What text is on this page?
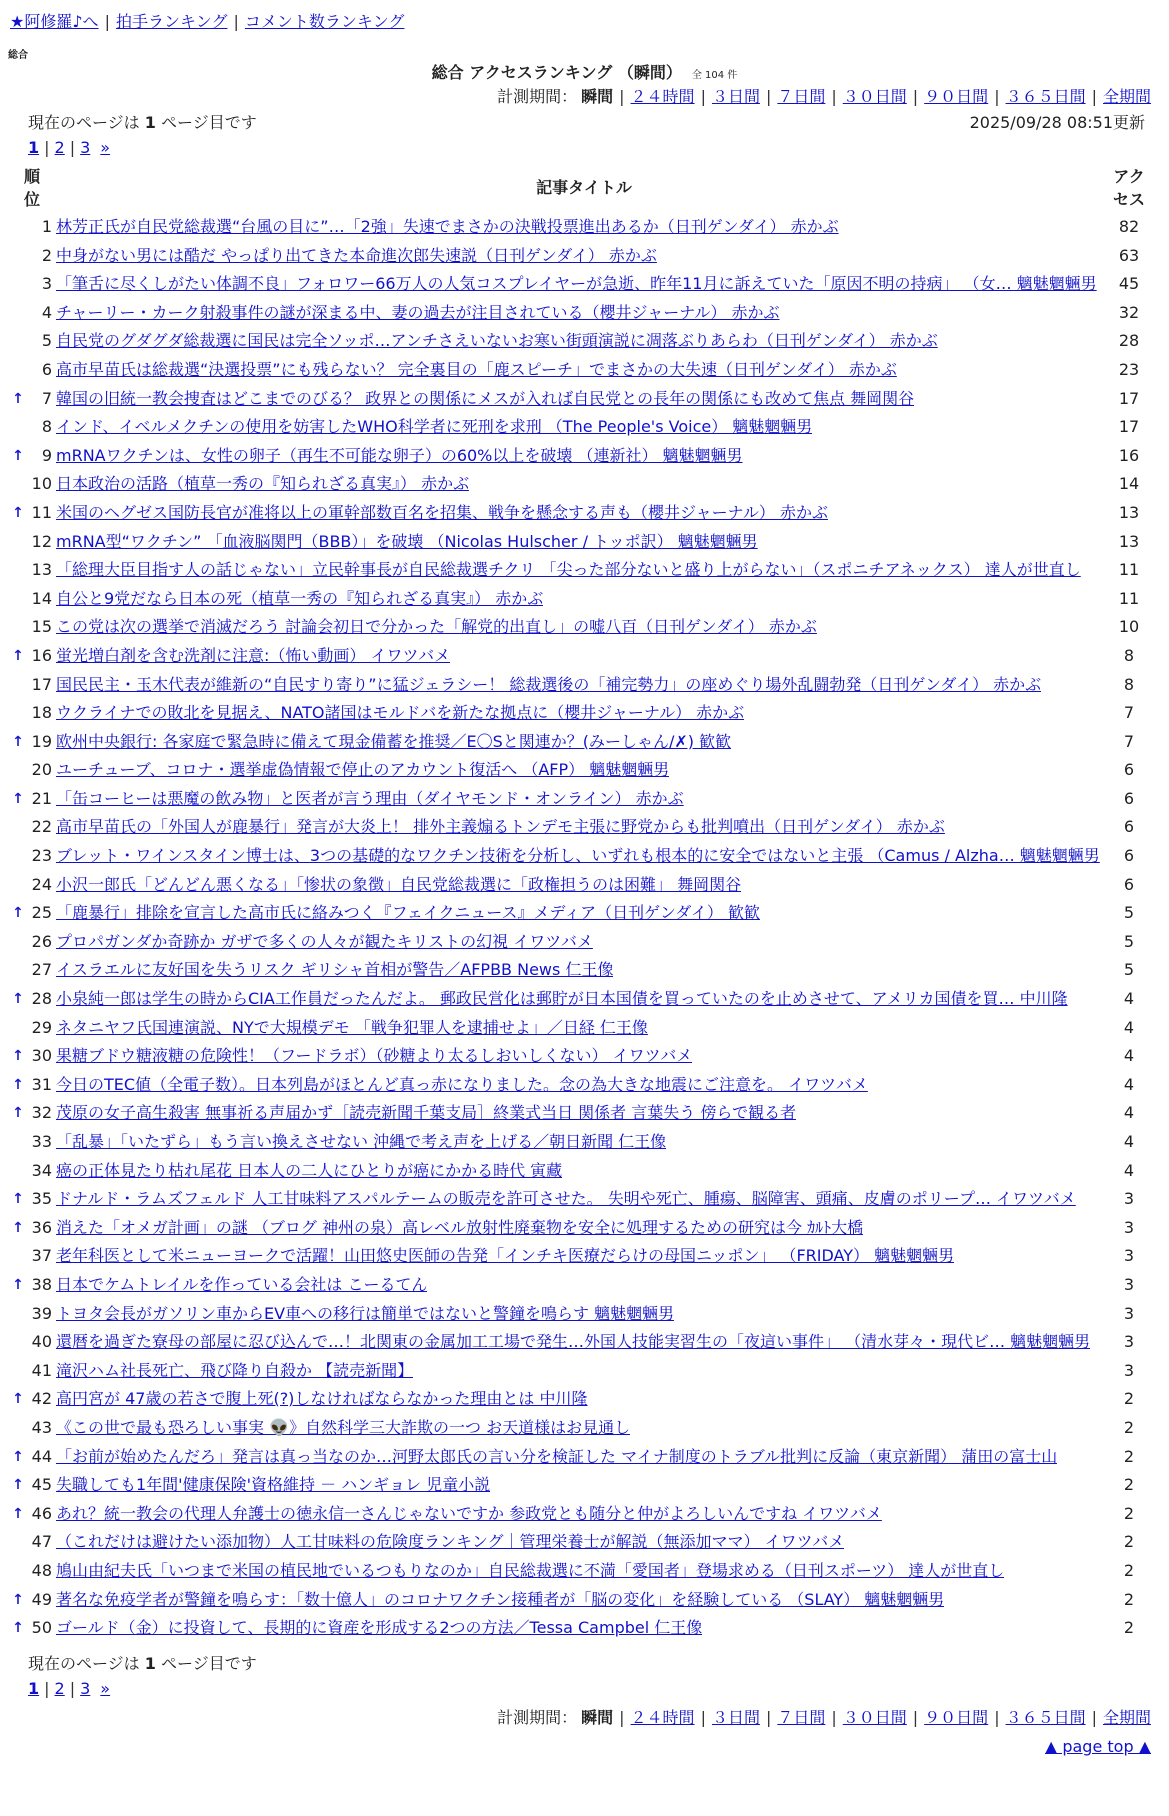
★阿修羅♪へ | 拍手ランキング | コメント数ランキング
総合
総合 アクセスランキング （瞬間） 全 104 件
計測期間： 瞬間 | ２４時間 | ３日間 | ７日間 | ３０日間 | ９０日間 | ３６５日間 | 全期間
現在のページは 1 ページ目です	2025/09/28 08:51更新
1 | 2 | 3 »
順
位
記事タイトル
アク
セス
1 林芳正氏が自民党総裁選“台風の目に”…「2強」失速でまさかの決戦投票進出あるか（日刊ゲンダイ） 赤かぶ	82
2 中身がない男には酷だ やっぱり出てきた本命進次郎失速説（日刊ゲンダイ） 赤かぶ	63
3 「筆舌に尽くしがたい体調不良」フォロワー66万人の人気コスプレイヤーが急逝、昨年11月に訴えていた「原因不明の持病」 （女… 魑魅魍魎男	45
4 チャーリー・カーク射殺事件の謎が深まる中、妻の過去が注目されている（櫻井ジャーナル） 赤かぶ	32
5 自民党のグダグダ総裁選に国民は完全ソッポ…アンチさえいないお寒い街頭演説に凋落ぶりあらわ（日刊ゲンダイ） 赤かぶ	28
6 高市早苗氏は総裁選“決選投票”にも残らない？ 完全裏目の「鹿スピーチ」でまさかの大失速（日刊ゲンダイ） 赤かぶ	23
↑	7 韓国の旧統一教会捜査はどこまでのびる？ 政界との関係にメスが入れば自民党との長年の関係にも改めて焦点 舞岡関谷	17
8 インド、イベルメクチンの使用を妨害したWHO科学者に死刑を求刑 （The People's Voice） 魑魅魍魎男	17
↑	9 mRNAワクチンは、女性の卵子（再生不可能な卵子）の60%以上を破壊 （連新社） 魑魅魍魎男	16
10 日本政治の活路（植草一秀の『知られざる真実』） 赤かぶ	14
↑ 11 米国のヘグゼス国防長官が准将以上の軍幹部数百名を招集、戦争を懸念する声も（櫻井ジャーナル） 赤かぶ	13
12 mRNA型“ワクチン” 「血液脳関門（BBB）」を破壊 （Nicolas Hulscher / トッポ訳） 魑魅魍魎男	13
13 「総理大臣目指す人の話じゃない」立民幹事長が自民総裁選チクリ 「尖った部分ないと盛り上がらない」（スポニチアネックス） 達人が世直し	11
14 自公と9党だなら日本の死（植草一秀の『知られざる真実』） 赤かぶ	11
15 この党は次の選挙で消滅だろう 討論会初日で分かった「解党的出直し」の嘘八百（日刊ゲンダイ） 赤かぶ	10
↑ 16 蛍光増白剤を含む洗剤に注意:（怖い動画） イワツバメ	8
17 国民民主・玉木代表が維新の“自民すり寄り”に猛ジェラシー！ 総裁選後の「補完勢力」の座めぐり場外乱闘勃発（日刊ゲンダイ） 赤かぶ	8
18 ウクライナでの敗北を見据え、NATO諸国はモルドバを新たな拠点に（櫻井ジャーナル） 赤かぶ	7
↑ 19 欧州中央銀行: 各家庭で緊急時に備えて現金備蓄を推奨／E〇Sと関連か？(みーしゃん/✗) 歓歓	7
20 ユーチューブ、コロナ・選挙虚偽情報で停止のアカウント復活へ （AFP） 魑魅魍魎男	6
↑ 21 「缶コーヒーは悪魔の飲み物」と医者が言う理由（ダイヤモンド・オンライン） 赤かぶ	6
22 高市早苗氏の「外国人が鹿暴行」発言が大炎上！ 排外主義煽るトンデモ主張に野党からも批判噴出（日刊ゲンダイ） 赤かぶ	6
23 ブレット・ワインスタイン博士は、3つの基礎的なワクチン技術を分析し、いずれも根本的に安全ではないと主張 （Camus / Alzha… 魑魅魍魎男	6
24 小沢一郎氏「どんどん悪くなる」「惨状の象徴」自民党総裁選に「政権担うのは困難」 舞岡関谷	6
↑ 25 「鹿暴行」排除を宣言した高市氏に絡みつく『フェイクニュース』メディア（日刊ゲンダイ） 歓歓	5
26 プロパガンダか奇跡か ガザで多くの人々が観たキリストの幻視 イワツバメ	5
27 イスラエルに友好国を失うリスク ギリシャ首相が警告／AFPBB News 仁王像	5
↑ 28 小泉純一郎は学生の時からCIA工作員だったんだよ。 郵政民営化は郵貯が日本国債を買っていたのを止めさせて、アメリカ国債を買… 中川隆	4
29 ネタニヤフ氏国連演説、NYで大規模デモ 「戦争犯罪人を逮捕せよ」／日経 仁王像	4
↑ 30 果糖ブドウ糖液糖の危険性！（フードラボ）（砂糖より太るしおいしくない） イワツバメ	4
↑ 31 今日のTEC値（全電子数）。日本列島がほとんど真っ赤になりました。念の為大きな地震にご注意を。 イワツバメ	4
↑ 32 茂原の女子高生殺害 無事祈る声届かず［読売新聞千葉支局］終業式当日 関係者 言葉失う 傍らで観る者	4
33 「乱暴」「いたずら」もう言い換えさせない 沖縄で考え声を上げる／朝日新聞 仁王像	4
34 癌の正体見たり枯れ尾花 日本人の二人にひとりが癌にかかる時代 寅藏	4
↑ 35 ドナルド・ラムズフェルド 人工甘味料アスパルテームの販売を許可させた。 失明や死亡、腫瘍、脳障害、頭痛、皮膚のポリープ… イワツバメ	3
↑ 36 消えた「オメガ計画」の謎 （ブログ 神州の泉）高レベル放射性廃棄物を安全に処理するための研究は今 ｶﾙﾄ大橋	3
37 老年科医として米ニューヨークで活躍！山田悠史医師の告発「インチキ医療だらけの母国ニッポン」 （FRIDAY） 魑魅魍魎男	3
↑ 38 日本でケムトレイルを作っている会社は こーるてん	3
39 トヨタ会長がガソリン車からEV車への移行は簡単ではないと警鐘を鳴らす 魑魅魍魎男	3
40 還暦を過ぎた寮母の部屋に忍び込んで…！北関東の金属加工工場で発生…外国人技能実習生の「夜這い事件」 （清水芽々・現代ビ… 魑魅魍魎男	3
41 滝沢ハム社長死亡、飛び降り自殺か 【読売新聞】	3
↑ 42 高円宮が 47歳の若さで腹上死(?)しなければならなかった理由とは 中川隆	2
43 《この世で最も恐ろしい事実 👽》自然科学三大詐欺の一つ お天道様はお見通し	2
↑ 44 「お前が始めたんだろ」発言は真っ当なのか…河野太郎氏の言い分を検証した マイナ制度のトラブル批判に反論（東京新聞） 蒲田の富士山	2
↑ 45 失職しても1年間'健康保険'資格維持 － ハンギョレ 児童小説	2
↑ 46 あれ？統一教会の代理人弁護士の徳永信一さんじゃないですか 参政党とも随分と仲がよろしいんですね イワツバメ	2
47 （これだけは避けたい添加物）人工甘味料の危険度ランキング｜管理栄養士が解説（無添加ママ） イワツバメ	2
48 鳩山由紀夫氏「いつまで米国の植民地でいるつもりなのか」自民総裁選に不満「愛国者」登場求める（日刊スポーツ） 達人が世直し	2
↑ 49 著名な免疫学者が警鐘を鳴らす：「数十億人」のコロナワクチン接種者が「脳の変化」を経験している （SLAY） 魑魅魍魎男	2
↑ 50 ゴールド（金）に投資して、長期的に資産を形成する2つの方法／Tessa Campbel 仁王像	2
現在のページは 1 ページ目です
1 | 2 | 3 »
計測期間： 瞬間 | ２４時間 | ３日間 | ７日間 | ３０日間 | ９０日間 | ３６５日間 | 全期間
▲ page top ▲
